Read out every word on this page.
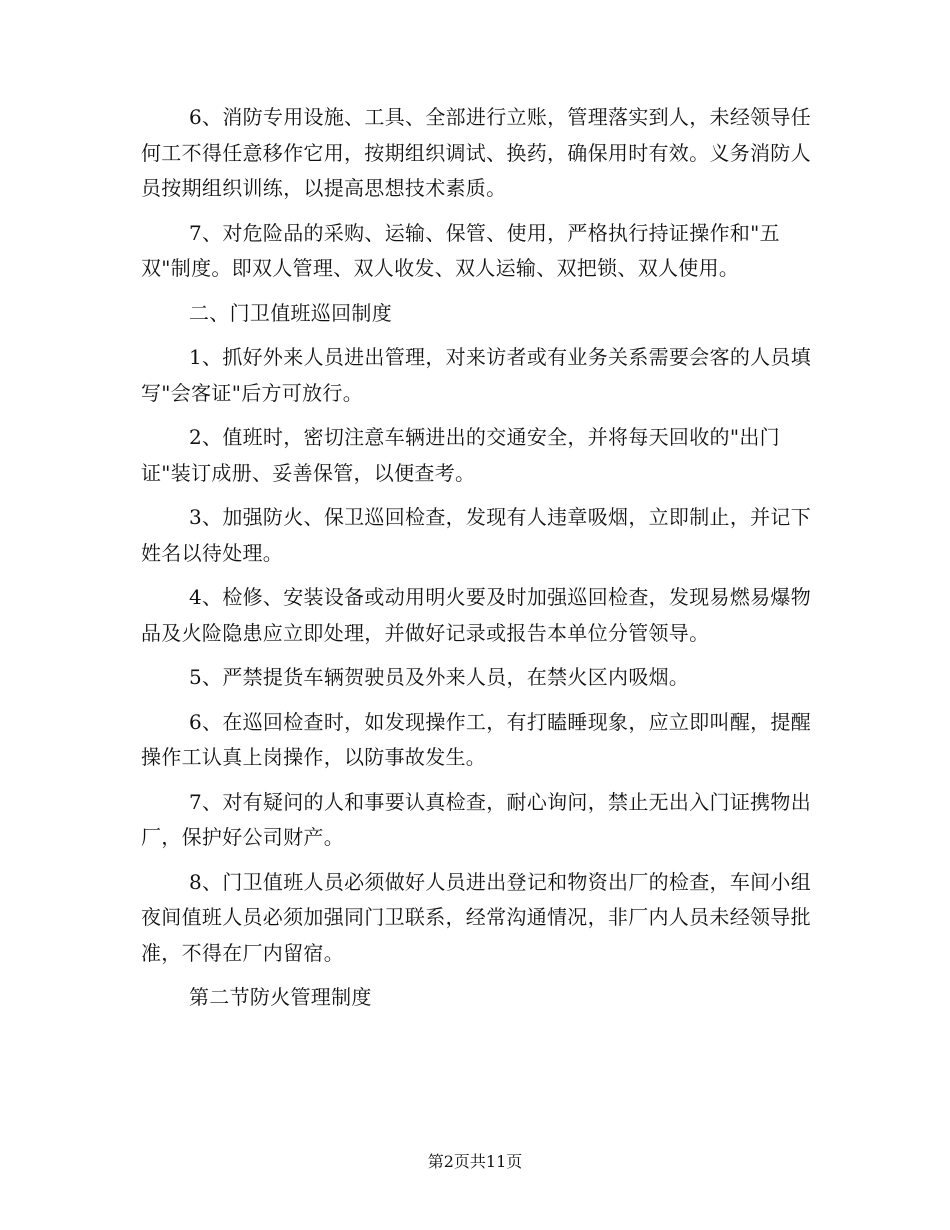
6、消防专用设施、工具、全部进行立账，管理落实到人，未经领导任何工不得任意移作它用，按期组织调试、换药，确保用时有效。义务消防人员按期组织训练，以提高思想技术素质。

7、对危险品的采购、运输、保管、使用，严格执行持证操作和"五双"制度。即双人管理、双人收发、双人运输、双把锁、双人使用。

二、门卫值班巡回制度

1、抓好外来人员进出管理，对来访者或有业务关系需要会客的人员填写"会客证"后方可放行。

2、值班时，密切注意车辆进出的交通安全，并将每天回收的"出门证"装订成册、妥善保管，以便查考。

3、加强防火、保卫巡回检查，发现有人违章吸烟，立即制止，并记下姓名以待处理。

4、检修、安装设备或动用明火要及时加强巡回检查，发现易燃易爆物品及火险隐患应立即处理，并做好记录或报告本单位分管领导。

5、严禁提货车辆贺驶员及外来人员，在禁火区内吸烟。

6、在巡回检查时，如发现操作工，有打瞌睡现象，应立即叫醒，提醒操作工认真上岗操作，以防事故发生。

7、对有疑问的人和事要认真检查，耐心询问，禁止无出入门证携物出厂，保护好公司财产。

8、门卫值班人员必须做好人员进出登记和物资出厂的检查，车间小组夜间值班人员必须加强同门卫联系，经常沟通情况，非厂内人员未经领导批准，不得在厂内留宿。

第二节防火管理制度

第2页共11页
